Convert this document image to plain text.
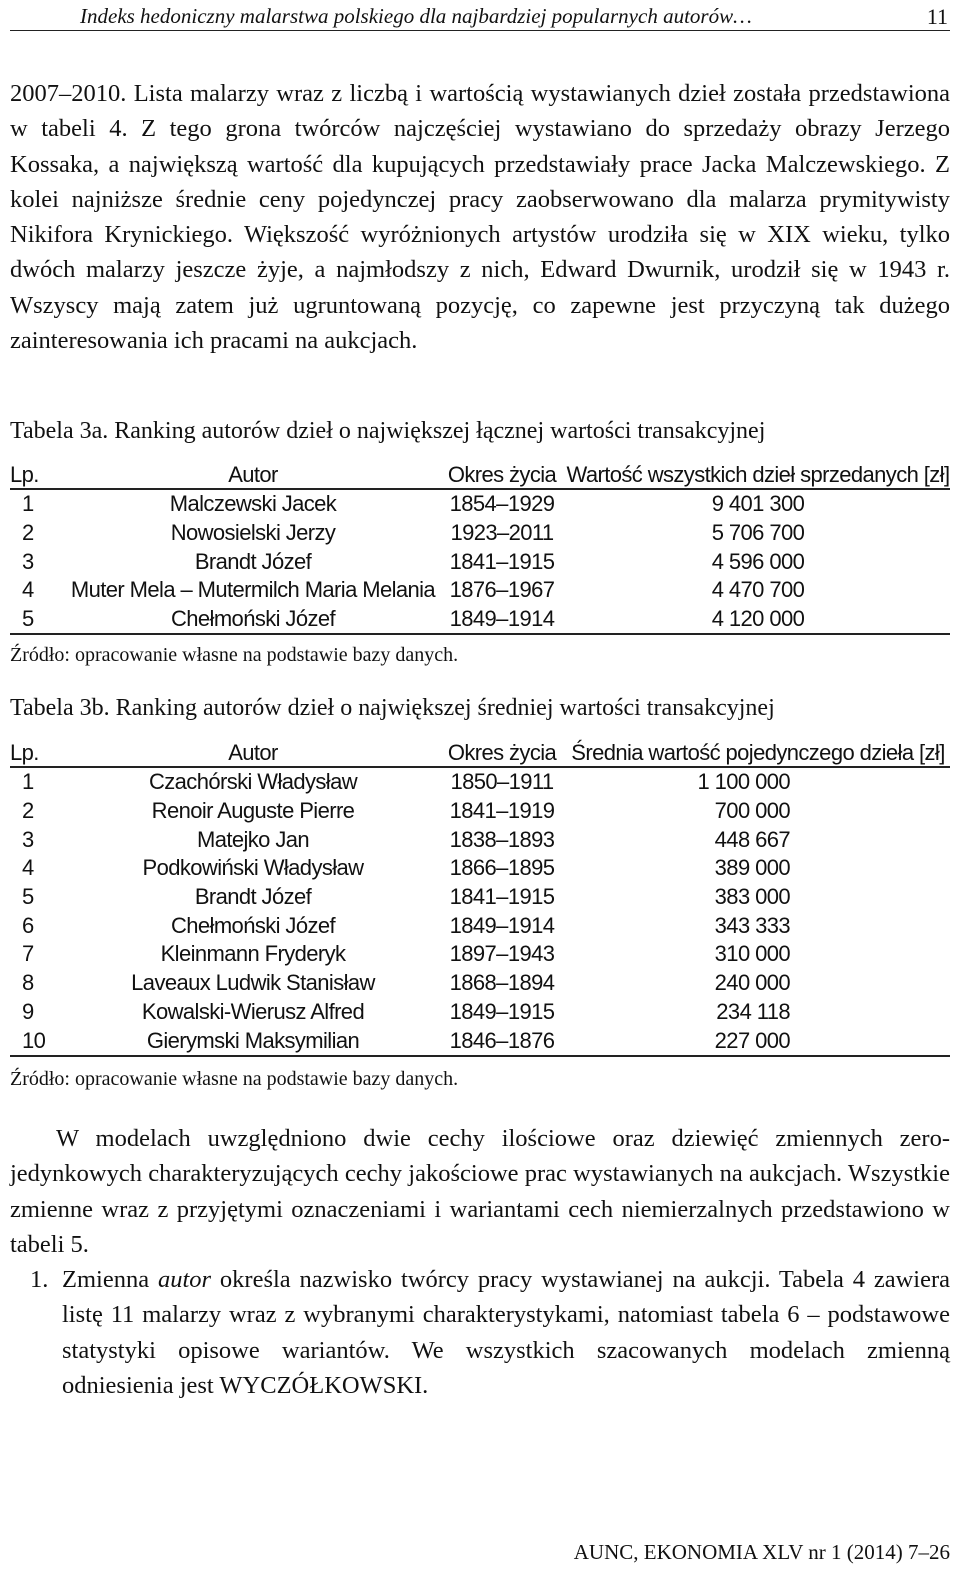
Indeks hedoniczny malarstwa polskiego dla najbardziej popularnych autorów…	11

2007–2010. Lista malarzy wraz z liczbą i wartością wystawianych dzieł została przedstawiona w tabeli 4. Z tego grona twórców najczęściej wystawiano do sprzedaży obrazy Jerzego Kossaka, a największą wartość dla kupujących przedstawiały prace Jacka Malczewskiego. Z kolei najniższe średnie ceny pojedynczej pracy zaobserwowano dla malarza prymitywisty Nikifora Krynickiego. Większość wyróżnionych artystów urodziła się w XIX wieku, tylko dwóch malarzy jeszcze żyje, a najmłodszy z nich, Edward Dwurnik, urodził się w 1943 r. Wszyscy mają zatem już ugruntowaną pozycję, co zapewne jest przyczyną tak dużego zainteresowania ich pracami na aukcjach.

Tabela 3a. Ranking autorów dzieł o największej łącznej wartości transakcyjnej

Lp.	Autor	Okres życia	Wartość wszystkich dzieł sprzedanych [zł]
1	Malczewski Jacek	1854–1929	9 401 300
2	Nowosielski Jerzy	1923–2011	5 706 700
3	Brandt Józef	1841–1915	4 596 000
4	Muter Mela – Mutermilch Maria Melania	1876–1967	4 470 700
5	Chełmoński Józef	1849–1914	4 120 000

Źródło: opracowanie własne na podstawie bazy danych.

Tabela 3b. Ranking autorów dzieł o największej średniej wartości transakcyjnej

Lp.	Autor	Okres życia	Średnia wartość pojedynczego dzieła [zł]
1	Czachórski Władysław	1850–1911	1 100 000
2	Renoir Auguste Pierre	1841–1919	700 000
3	Matejko Jan	1838–1893	448 667
4	Podkowiński Władysław	1866–1895	389 000
5	Brandt Józef	1841–1915	383 000
6	Chełmoński Józef	1849–1914	343 333
7	Kleinmann Fryderyk	1897–1943	310 000
8	Laveaux Ludwik Stanisław	1868–1894	240 000
9	Kowalski-Wierusz Alfred	1849–1915	234 118
10	Gierymski Maksymilian	1846–1876	227 000

Źródło: opracowanie własne na podstawie bazy danych.

W modelach uwzględniono dwie cechy ilościowe oraz dziewięć zmiennych zero-jedynkowych charakteryzujących cechy jakościowe prac wystawianych na aukcjach. Wszystkie zmienne wraz z przyjętymi oznaczeniami i wariantami cech niemierzalnych przedstawiono w tabeli 5.

1. Zmienna autor określa nazwisko twórcy pracy wystawianej na aukcji. Tabela 4 zawiera listę 11 malarzy wraz z wybranymi charakterystykami, natomiast tabela 6 – podstawowe statystyki opisowe wariantów. We wszystkich szacowanych modelach zmienną odniesienia jest WYCZÓŁKOWSKI.
AUNC, EKONOMIA XLV nr 1 (2014) 7–26
